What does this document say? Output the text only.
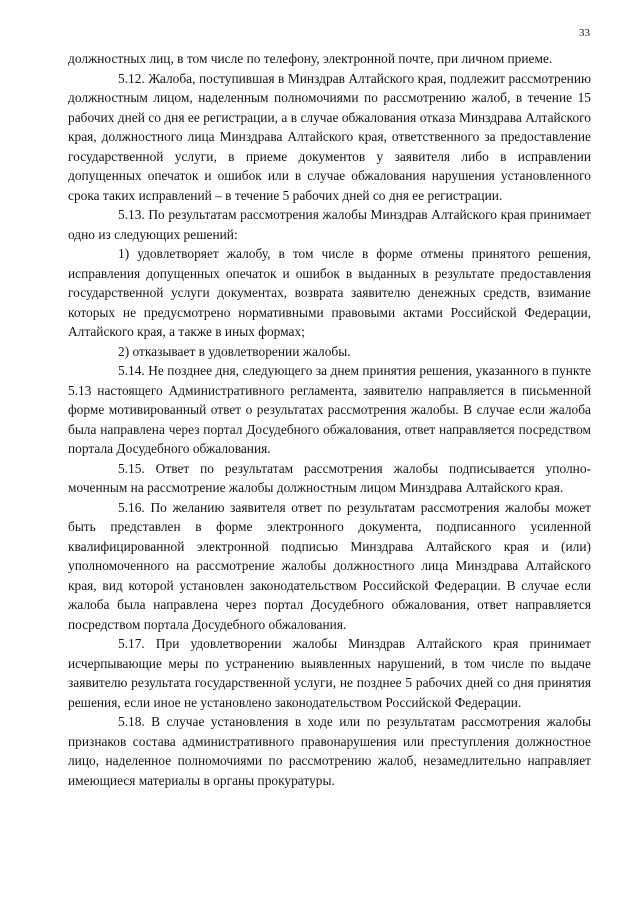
33

должностных лиц, в том числе по телефону, электронной почте, при личном приеме.

5.12. Жалоба, поступившая в Минздрав Алтайского края, подлежит рассмотрению должностным лицом, наделенным полномочиями по рассмотрению жалоб, в течение 15 рабочих дней со дня ее регистрации, а в случае обжалования отказа Минздрава Алтайского края, должностного лица Минздрава Алтайского края, ответственного за предоставление государственной услуги, в приеме документов у заявителя либо в исправлении допущенных опечаток и ошибок или в случае обжалования нарушения установленного срока таких исправлений – в течение 5 рабочих дней со дня ее регистрации.

5.13. По результатам рассмотрения жалобы Минздрав Алтайского края принимает одно из следующих решений:

1) удовлетворяет жалобу, в том числе в форме отмены принятого решения, исправления допущенных опечаток и ошибок в выданных в результате предоставления государственной услуги документах, возврата заявителю денежных средств, взимание которых не предусмотрено нормативными правовыми актами Российской Федерации, Алтайского края, а также в иных формах;

2) отказывает в удовлетворении жалобы.

5.14. Не позднее дня, следующего за днем принятия решения, указанного в пункте 5.13 настоящего Административного регламента, заявителю направляется в письменной форме мотивированный ответ о результатах рассмотрения жалобы. В случае если жалоба была направлена через портал Досудебного обжалования, ответ направляется посредством портала Досудебного обжалования.

5.15. Ответ по результатам рассмотрения жалобы подписывается уполномоченным на рассмотрение жалобы должностным лицом Минздрава Алтайского края.

5.16. По желанию заявителя ответ по результатам рассмотрения жалобы может быть представлен в форме электронного документа, подписанного усиленной квалифицированной электронной подписью Минздрава Алтайского края и (или) уполномоченного на рассмотрение жалобы должностного лица Минздрава Алтайского края, вид которой установлен законодательством Российской Федерации. В случае если жалоба была направлена через портал Досудебного обжалования, ответ направляется посредством портала Досудебного обжалования.

5.17. При удовлетворении жалобы Минздрав Алтайского края принимает исчерпывающие меры по устранению выявленных нарушений, в том числе по выдаче заявителю результата государственной услуги, не позднее 5 рабочих дней со дня принятия решения, если иное не установлено законодательством Российской Федерации.

5.18. В случае установления в ходе или по результатам рассмотрения жалобы признаков состава административного правонарушения или преступления должностное лицо, наделенное полномочиями по рассмотрению жалоб, незамедлительно направляет имеющиеся материалы в органы прокуратуры.
